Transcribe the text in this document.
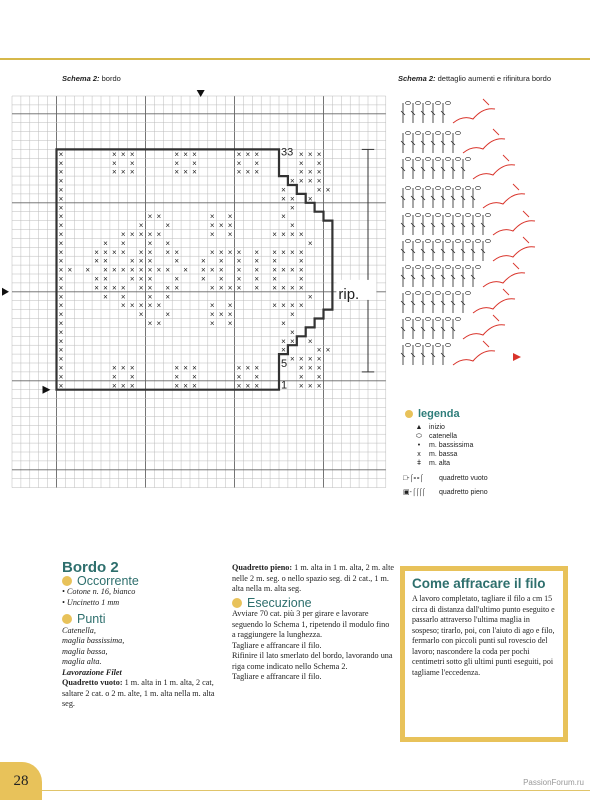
Schema 2: bordo	Schema 2: dettaglio aumenti e rifinitura bordo
×	× × ×	× × ×	× × ×	× × ×
×	× ×	× ×	× ×	× ×
×	× × ×	× × ×	× × ×	× × ×
×	× × × ×
×	×	× ×
×	× × ×
×	×
×	× ×	× ×	×
×	×	×	× × ×	×
×	× × × × ×	× ×	× × × ×
×	× ×	× ×	×
×	× × × × × × × ×	× × × × × × × × ×
×	× ×	× × ×	×	× × × × ×	×
× × × × × × × × × × × × × × × × × × × × ×
×	× ×	× × ×	×	× × × × ×	×
×	× × × × × × × ×	× × × × × × × × ×
×	× ×	× ×	×
×	× × × × ×	× ×	× × × ×
×	×	×	× × ×	×
×	× ×	× ×	×
×	×
×	× × ×
×	×	× ×
×	× × × ×
×	× × ×	× × ×	× × ×	× × ×
×	× ×	× ×	× ×	× ×
×	× × ×	× × ×	× × ×	× × ×
33
5
1
rip.
legenda
▲ inizio
⬭	catenella
•	m. bassissima
x	m. bassa
ǂ	m. alta
□ - ⌠∘∘⌠	quadretto vuoto
▣ - ⌠⌠⌠⌠	quadretto pieno
Bordo 2
Occorrente

• Cotone n. 16, bianco

• Uncinetto 1 mm

Punti

Catenella,

maglia bassissima,

maglia bassa,

maglia alta.

Lavorazione Filet

Quadretto vuoto: 1 m. alta in 1 m. alta, 2 cat, saltare 2 cat. o 2 m. alte, 1 m. alta nella m. alta seg.

Quadretto pieno: 1 m. alta in 1 m. alta, 2 m. alte nelle 2 m. seg. o nello spazio seg. di 2 cat., 1 m. alta nella m. alta seg.

Esecuzione

Avviare 70 cat. più 3 per girare e lavorare seguendo lo Schema 1, ripetendo il modulo fino a raggiungere la lunghezza.

Tagliare e affrancare il filo.

Rifinire il lato smerlato del bordo, lavorando una riga come indicato nello Schema 2.

Tagliare e affrancare il filo.

Come affracare il filo

A lavoro completato, tagliare il filo a cm 15 circa di distanza dall'ultimo punto eseguito e passarlo attraverso l'ultima maglia in sospeso; tirarlo, poi, con l'aiuto di ago e filo, fermarlo con piccoli punti sul rovescio del lavoro; nascondere la coda per pochi centimetri sotto gli ultimi punti eseguiti, poi tagliame l'eccedenza.

28	PassionForum.ru
